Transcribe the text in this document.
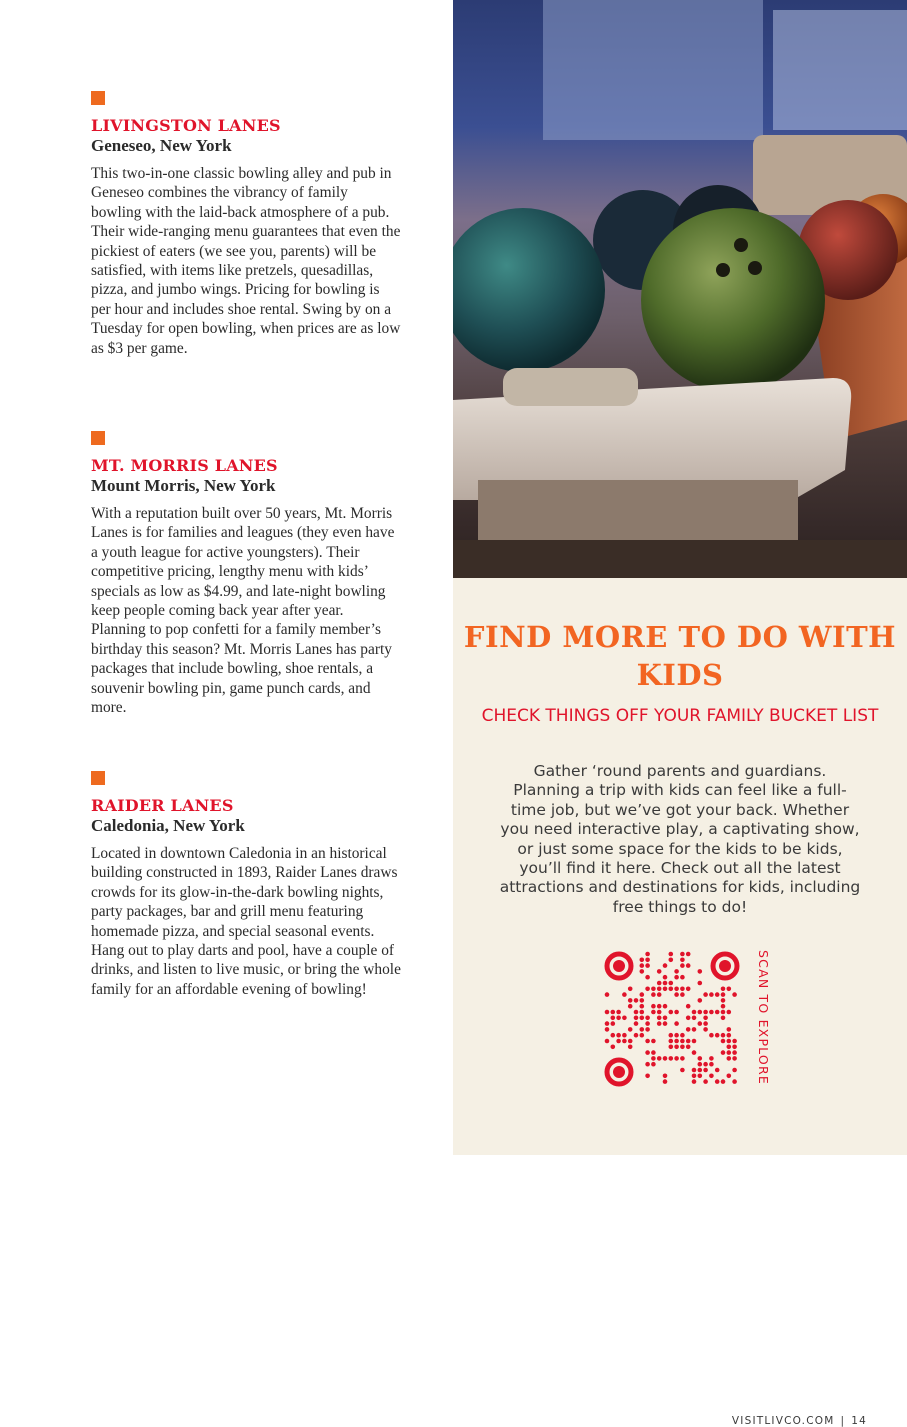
LIVINGSTON LANES
Geneseo, New York
This two-in-one classic bowling alley and pub in Geneseo combines the vibrancy of family bowling with the laid-back atmosphere of a pub. Their wide-ranging menu guarantees that even the pickiest of eaters (we see you, parents) will be satisfied, with items like pretzels, quesadillas, pizza, and jumbo wings. Pricing for bowling is per hour and includes shoe rental. Swing by on a Tuesday for open bowling, when prices are as low as $3 per game.
MT. MORRIS LANES
Mount Morris, New York
With a reputation built over 50 years, Mt. Morris Lanes is for families and leagues (they even have a youth league for active youngsters). Their competitive pricing, lengthy menu with kids’ specials as low as $4.99, and late-night bowling keep people coming back year after year. Planning to pop confetti for a family member’s birthday this season? Mt. Morris Lanes has party packages that include bowling, shoe rentals, a souvenir bowling pin, game punch cards, and more.
RAIDER LANES
Caledonia, New York
Located in downtown Caledonia in an historical building constructed in 1893, Raider Lanes draws crowds for its glow-in-the-dark bowling nights, party packages, bar and grill menu featuring homemade pizza, and special seasonal events. Hang out to play darts and pool, have a couple of drinks, and listen to live music, or bring the whole family for an affordable evening of bowling!
FIND MORE TO DO WITH KIDS
CHECK THINGS OFF YOUR FAMILY BUCKET LIST
Gather ‘round parents and guardians. Planning a trip with kids can feel like a full-time job, but we’ve got your back. Whether you need interactive play, a captivating show, or just some space for the kids to be kids, you’ll find it here. Check out all the latest attractions and destinations for kids, including free things to do!
SCAN TO EXPLORE
VISITLIVCO.COM | 14
